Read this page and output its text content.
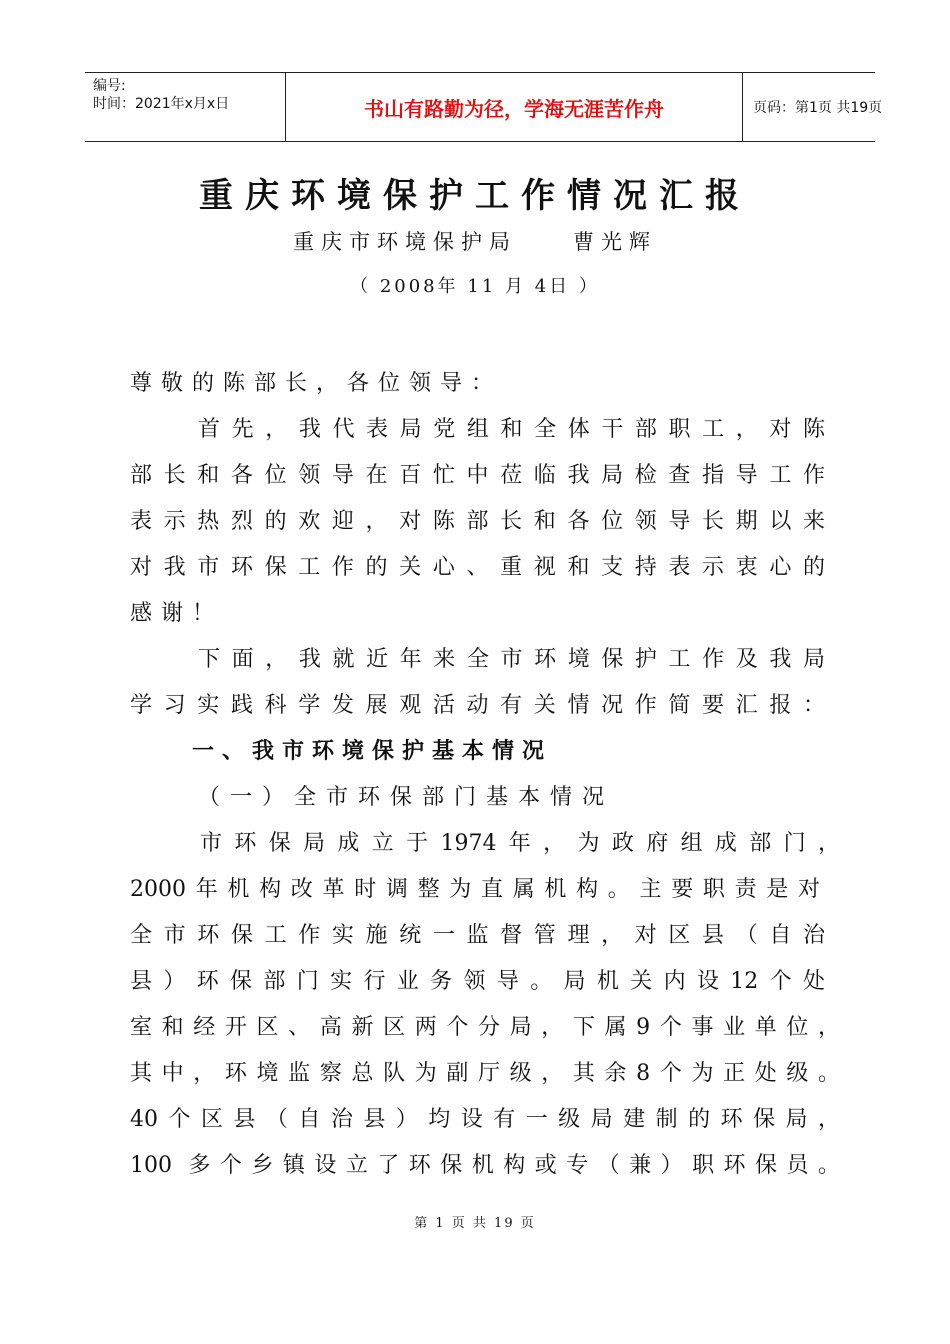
编号:
时间：2021年x月x日	书山有路勤为径，学海无涯苦作舟	页码：第1页 共19页
重庆环境保护工作情况汇报
重庆市环境保护局　　曹光辉
（ 2008年 11 月 4日 ）
尊敬的陈部长，各位领导：
首先，我代表局党组和全体干部职工，对陈
部长和各位领导在百忙中莅临我局检查指导工作
表示热烈的欢迎，对陈部长和各位领导长期以来
对我市环保工作的关心、重视和支持表示衷心的
感谢！
下面，我就近年来全市环境保护工作及我局
学习实践科学发展观活动有关情况作简要汇报：
一、我市环境保护基本情况
（一）全市环保部门基本情况
市环保局成立于1974年，为政府组成部门，
2000年机构改革时调整为直属机构。主要职责是对
全市环保工作实施统一监督管理，对区县（自治
县）环保部门实行业务领导。局机关内设12个处
室和经开区、高新区两个分局，下属9个事业单位，
其中，环境监察总队为副厅级，其余8个为正处级。
40个区县（自治县）均设有一级局建制的环保局，
100 多个乡镇设立了环保机构或专（兼）职环保员。
第 1 页 共 19 页
